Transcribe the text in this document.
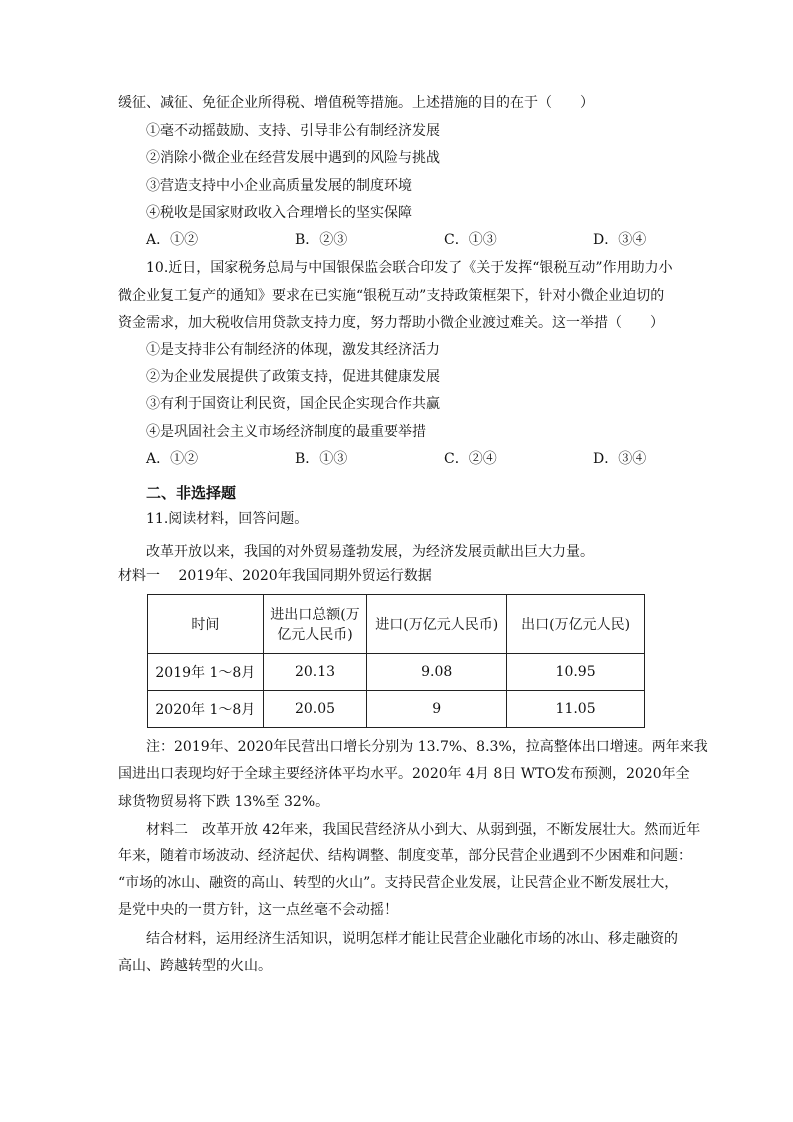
缓征、减征、免征企业所得税、增值税等措施。上述措施的目的在于（　　）
①毫不动摇鼓励、支持、引导非公有制经济发展
②消除小微企业在经营发展中遇到的风险与挑战
③营造支持中小企业高质量发展的制度环境
④税收是国家财政收入合理增长的坚实保障
A．①②	B．②③	C．①③	D．③④
10.近日，国家税务总局与中国银保监会联合印发了《关于发挥“银税互动”作用助力小
微企业复工复产的通知》要求在已实施“银税互动”支持政策框架下，针对小微企业迫切的
资金需求，加大税收信用贷款支持力度，努力帮助小微企业渡过难关。这一举措（　　）
①是支持非公有制经济的体现，激发其经济活力
②为企业发展提供了政策支持，促进其健康发展
③有利于国资让利民资，国企民企实现合作共赢
④是巩固社会主义市场经济制度的最重要举措
A．①②	B．①③	C．②④	D．③④
二、非选择题
11.阅读材料，回答问题。
改革开放以来，我国的对外贸易蓬勃发展，为经济发展贡献出巨大力量。
材料一　 2019年、2020年我国同期外贸运行数据
时间	进出口总额(万
亿元人民币)	进口(万亿元人民币)	出口(万亿元人民)
2019年 1～8月	20.13	9.08	10.95
2020年 1～8月	20.05	9	11.05
注：2019年、2020年民营出口增长分别为 13.7%、8.3%，拉高整体出口增速。两年来我
国进出口表现均好于全球主要经济体平均水平。2020年 4月 8日 WTO发布预测，2020年全
球货物贸易将下跌 13%至 32%。
材料二　改革开放 42年来，我国民营经济从小到大、从弱到强，不断发展壮大。然而近年
年来，随着市场波动、经济起伏、结构调整、制度变革，部分民营企业遇到不少困难和问题：
“市场的冰山、融资的高山、转型的火山”。支持民营企业发展，让民营企业不断发展壮大，
是党中央的一贯方针，这一点丝毫不会动摇！
结合材料，运用经济生活知识，说明怎样才能让民营企业融化市场的冰山、移走融资的
高山、跨越转型的火山。
